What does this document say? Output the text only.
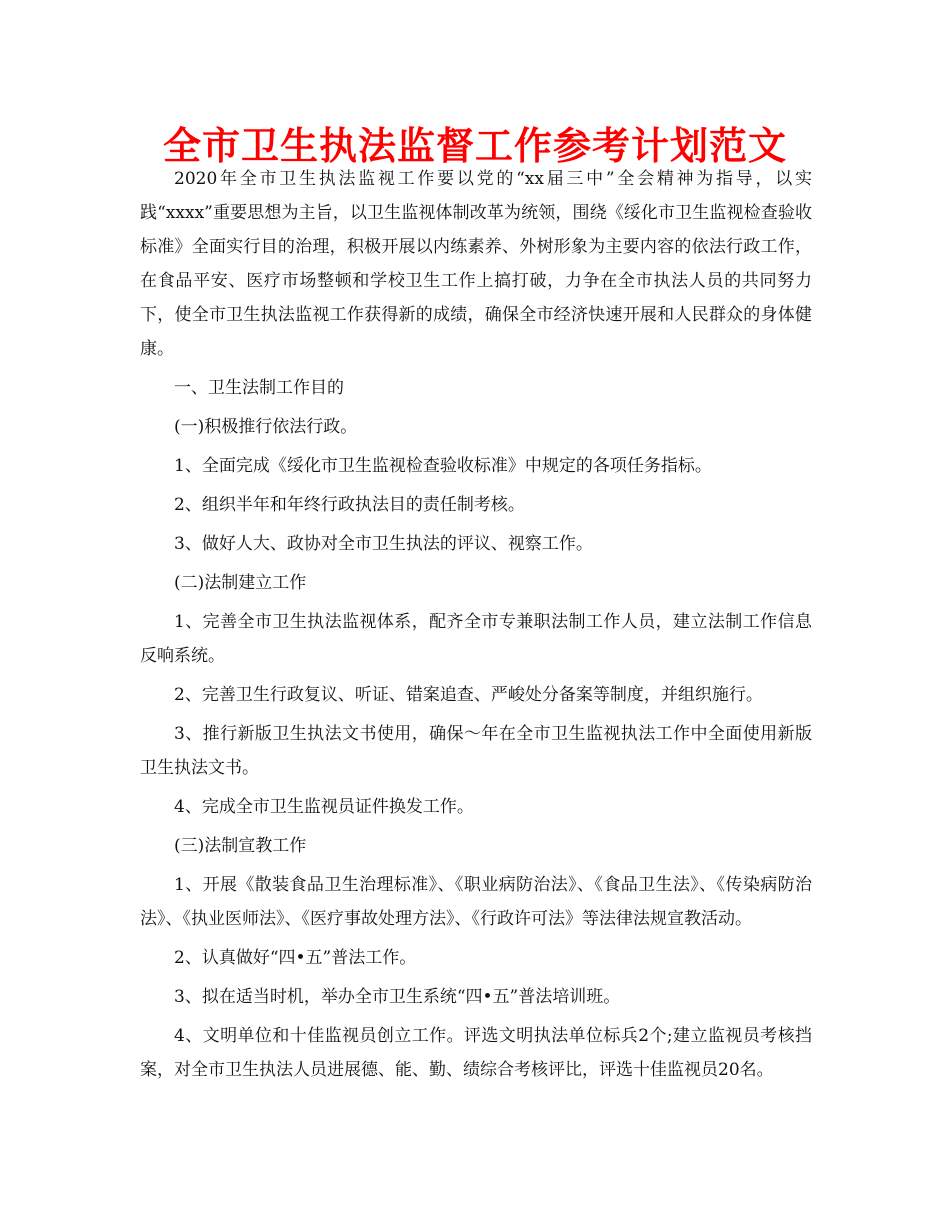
全市卫生执法监督工作参考计划范文

2020年全市卫生执法监视工作要以党的“xx届三中”全会精神为指导，以实践“xxxx”重要思想为主旨，以卫生监视体制改革为统领，围绕《绥化市卫生监视检查验收标准》全面实行目的治理，积极开展以内练素养、外树形象为主要内容的依法行政工作，在食品平安、医疗市场整顿和学校卫生工作上搞打破，力争在全市执法人员的共同努力下，使全市卫生执法监视工作获得新的成绩，确保全市经济快速开展和人民群众的身体健康。

一、卫生法制工作目的

(一)积极推行依法行政。

1、全面完成《绥化市卫生监视检查验收标准》中规定的各项任务指标。

2、组织半年和年终行政执法目的责任制考核。

3、做好人大、政协对全市卫生执法的评议、视察工作。

(二)法制建立工作

1、完善全市卫生执法监视体系，配齐全市专兼职法制工作人员，建立法制工作信息反响系统。

2、完善卫生行政复议、听证、错案追查、严峻处分备案等制度，并组织施行。

3、推行新版卫生执法文书使用，确保～年在全市卫生监视执法工作中全面使用新版卫生执法文书。

4、完成全市卫生监视员证件换发工作。

(三)法制宣教工作

1、开展《散装食品卫生治理标准》、《职业病防治法》、《食品卫生法》、《传染病防治法》、《执业医师法》、《医疗事故处理方法》、《行政许可法》等法律法规宣教活动。

2、认真做好“四•五”普法工作。

3、拟在适当时机，举办全市卫生系统“四•五”普法培训班。

4、文明单位和十佳监视员创立工作。评选文明执法单位标兵2个;建立监视员考核挡案，对全市卫生执法人员进展德、能、勤、绩综合考核评比，评选十佳监视员20名。
